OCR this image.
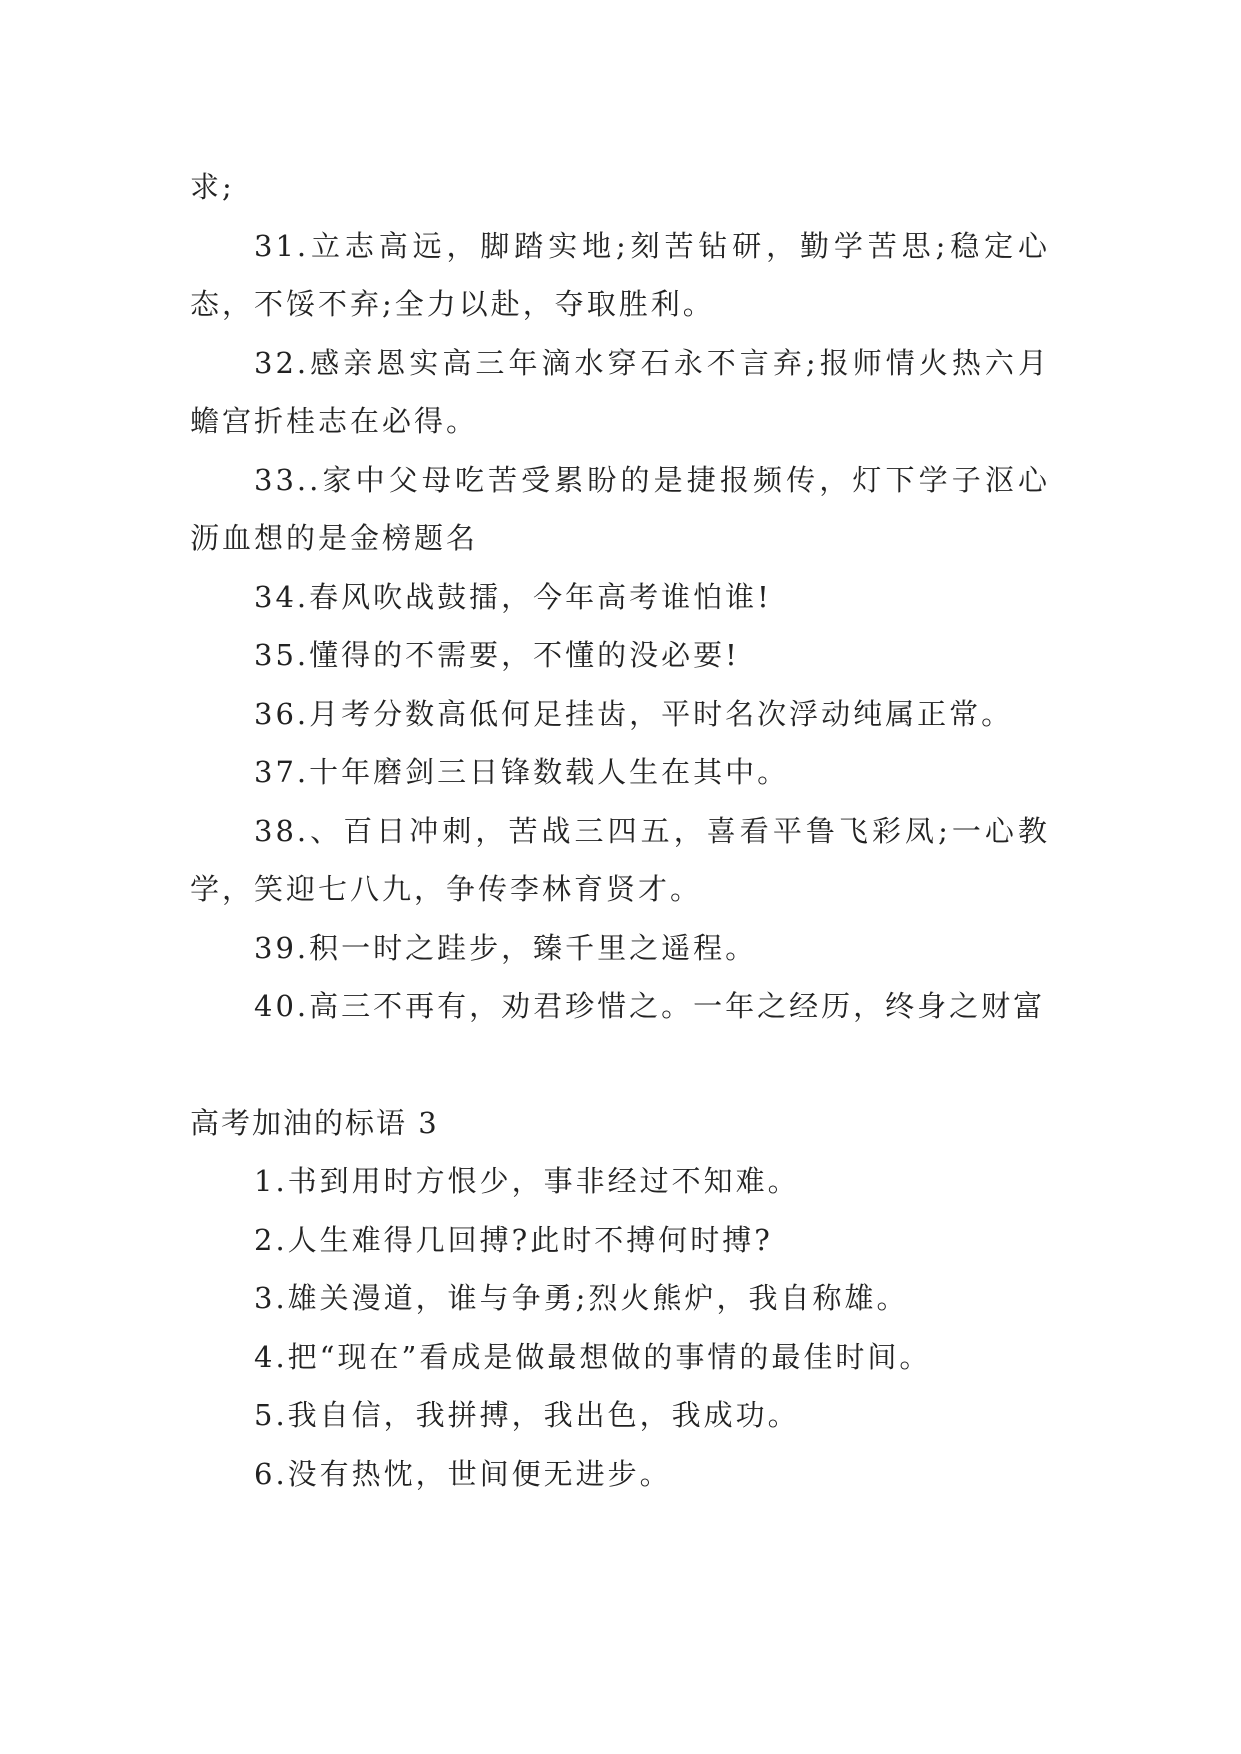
求;

31.立志高远，脚踏实地;刻苦钻研，勤学苦思;稳定心态，不馁不弃;全力以赴，夺取胜利。

32.感亲恩实高三年滴水穿石永不言弃;报师情火热六月蟾宫折桂志在必得。

33..家中父母吃苦受累盼的是捷报频传，灯下学子沤心沥血想的是金榜题名

34.春风吹战鼓擂，今年高考谁怕谁!

35.懂得的不需要，不懂的没必要!

36.月考分数高低何足挂齿，平时名次浮动纯属正常。

37.十年磨剑三日锋数载人生在其中。

38.、百日冲刺，苦战三四五，喜看平鲁飞彩凤;一心教学，笑迎七八九，争传李林育贤才。

39.积一时之跬步，臻千里之遥程。

40.高三不再有，劝君珍惜之。一年之经历，终身之财富

高考加油的标语 3

1.书到用时方恨少，事非经过不知难。

2.人生难得几回搏?此时不搏何时搏?

3.雄关漫道，谁与争勇;烈火熊炉，我自称雄。

4.把“现在”看成是做最想做的事情的最佳时间。

5.我自信，我拼搏，我出色，我成功。

6.没有热忱，世间便无进步。
